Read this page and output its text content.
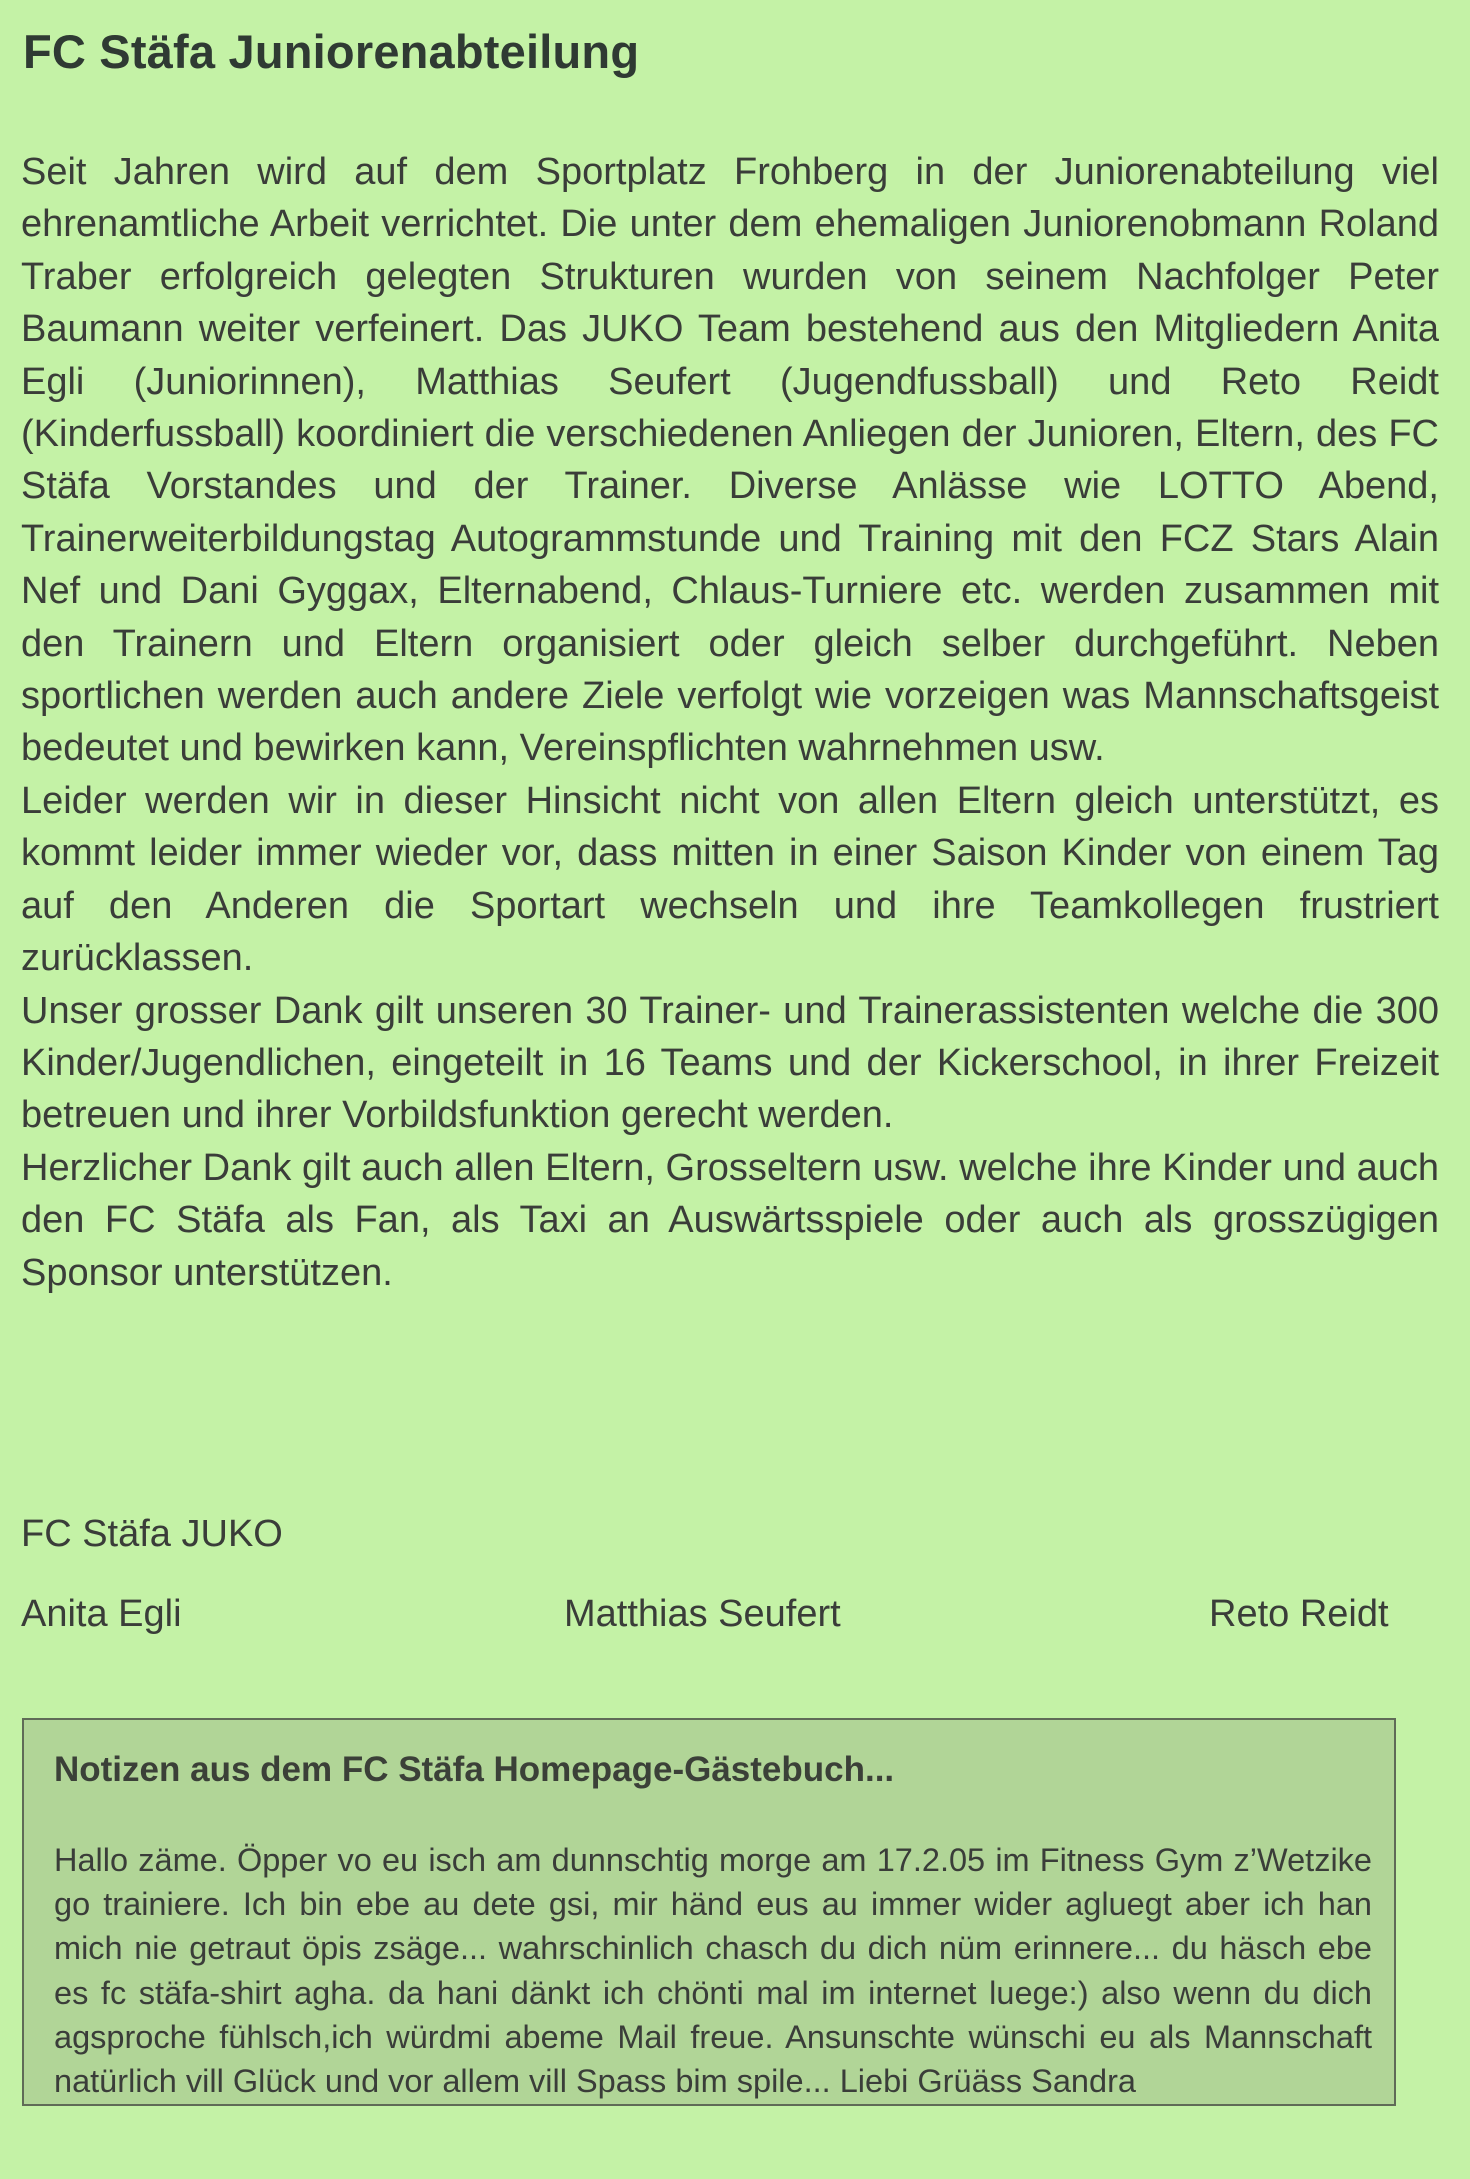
FC Stäfa Juniorenabteilung

Seit Jahren wird auf dem Sportplatz Frohberg in der Juniorenabteilung viel ehrenamtliche Arbeit verrichtet. Die unter dem ehemaligen Juniorenobmann Roland Traber erfolgreich gelegten Strukturen wurden von seinem Nachfolger Peter Baumann weiter verfeinert. Das JUKO Team bestehend aus den Mitgliedern Anita Egli (Juniorinnen), Matthias Seufert (Jugendfussball) und Reto Reidt (Kinderfussball) koordiniert die verschiedenen Anliegen der Junioren, Eltern, des FC Stäfa Vorstandes und der Trainer. Diverse Anlässe wie LOTTO Abend, Trainerweiterbildungstag Autogrammstunde und Training mit den FCZ Stars Alain Nef und Dani Gyggax, Elternabend, Chlaus-Turniere etc. werden zusammen mit den Trainern und Eltern organisiert oder gleich selber durchgeführt. Neben sportlichen werden auch andere Ziele verfolgt wie vorzeigen was Mannschaftsgeist bedeutet und bewirken kann, Vereinspflichten wahrnehmen usw.

Leider werden wir in dieser Hinsicht nicht von allen Eltern gleich unterstützt, es kommt leider immer wieder vor, dass mitten in einer Saison Kinder von einem Tag auf den Anderen die Sportart wechseln und ihre Teamkollegen frustriert zurücklassen.

Unser grosser Dank gilt unseren 30 Trainer- und Trainerassistenten welche die 300 Kinder/Jugendlichen, eingeteilt in 16 Teams und der Kickerschool, in ihrer Freizeit betreuen und ihrer Vorbildsfunktion gerecht werden.

Herzlicher Dank gilt auch allen Eltern, Grosseltern usw. welche ihre Kinder und auch den FC Stäfa als Fan, als Taxi an Auswärtsspiele oder auch als grosszügigen Sponsor unterstützen.

FC Stäfa JUKO
Anita Egli	Matthias Seufert	Reto Reidt
Notizen aus dem FC Stäfa Homepage-Gästebuch...

Hallo zäme. Öpper vo eu isch am dunnschtig morge am 17.2.05 im Fitness Gym z’Wetzike go trainiere. Ich bin ebe au dete gsi, mir händ eus au immer wider agluegt aber ich han mich nie getraut öpis zsäge... wahrschinlich chasch du dich nüm erinnere... du häsch ebe es fc stäfa-shirt agha. da hani dänkt ich chönti mal im internet luege:) also wenn du dich agsproche fühlsch,ich würdmi abeme Mail freue. Ansunschte wünschi eu als Mannschaft natürlich vill Glück und vor allem vill Spass bim spile... Liebi Grüäss Sandra
